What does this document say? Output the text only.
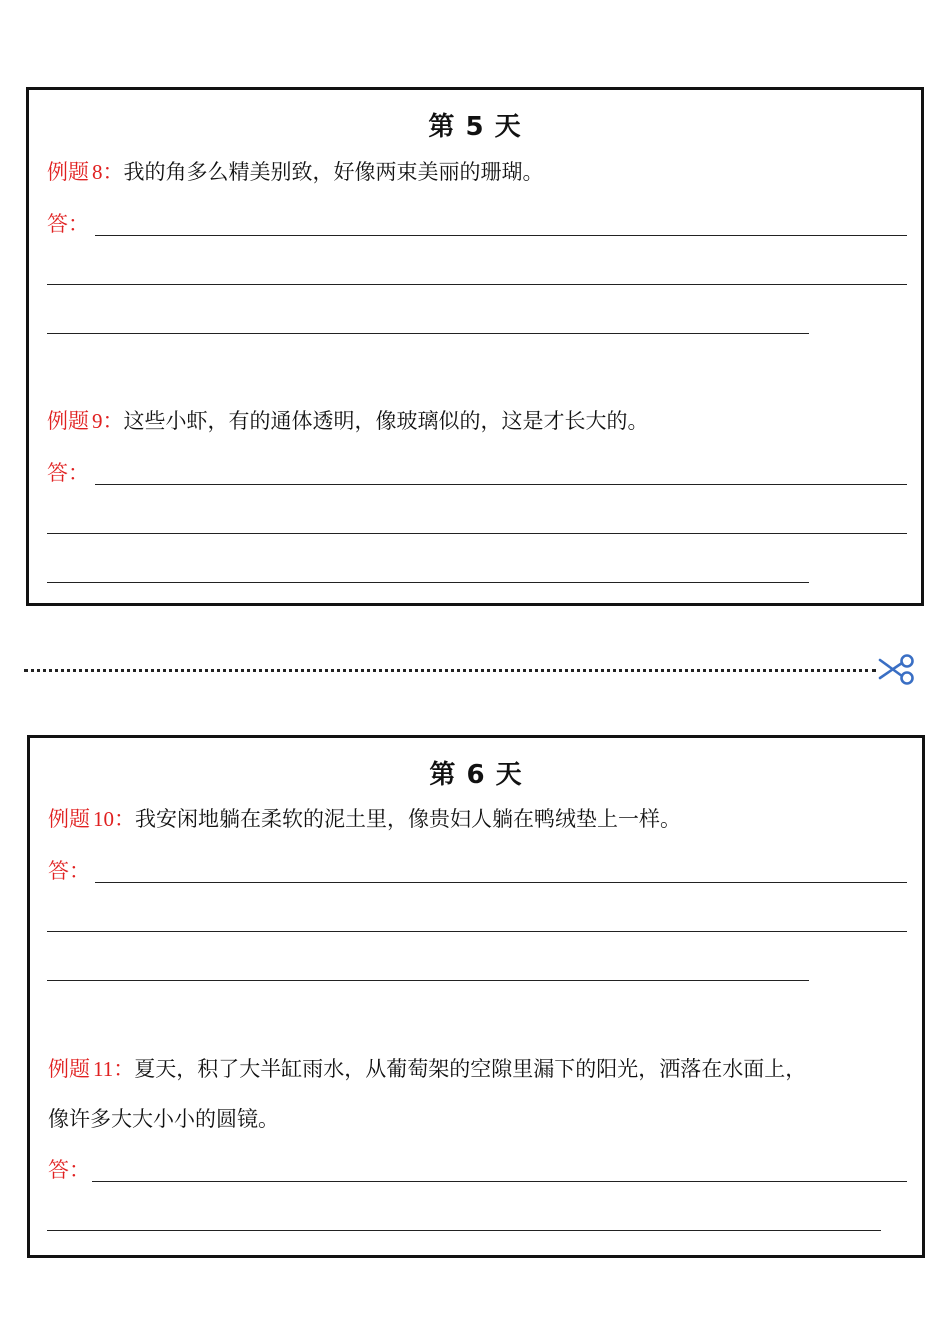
第 5 天
例题 8：我的角多么精美别致，好像两束美丽的珊瑚。
答：
例题 9：这些小虾，有的通体透明，像玻璃似的，这是才长大的。
答：
第 6 天
例题 10：我安闲地躺在柔软的泥土里，像贵妇人躺在鸭绒垫上一样。
答：
例题 11：夏天，积了大半缸雨水，从葡萄架的空隙里漏下的阳光，洒落在水面上，
像许多大大小小的圆镜。
答：
